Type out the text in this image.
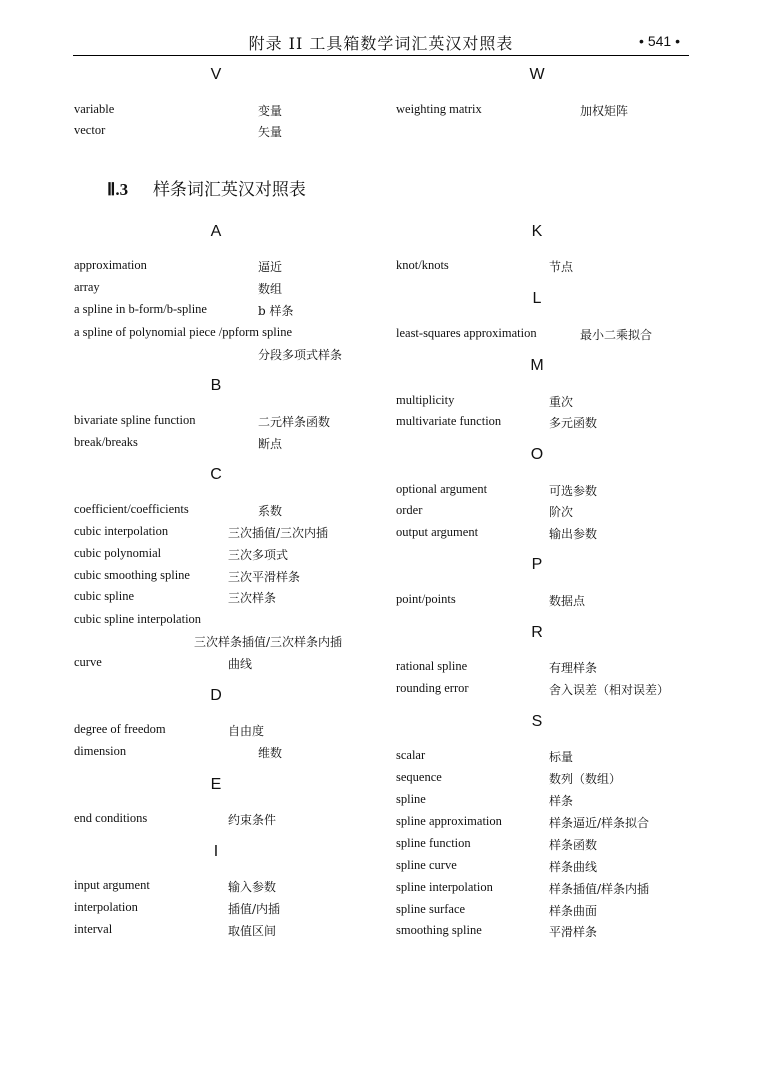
附录 II 工具箱数学词汇英汉对照表	• 541 •
V	W
A	K
L
M
B
O
C
P
R
D
S
E
I
Ⅱ.3 样条词汇英汉对照表
variable	变量
vector	矢量
weighting matrix	加权矩阵
approximation	逼近
array	数组
a spline in b-form/b-spline	b 样条
a spline of polynomial piece /ppform spline
分段多项式样条
bivariate spline function	二元样条函数
break/breaks	断点
coefficient/coefficients	系数
cubic interpolation	三次插值/三次内插
cubic polynomial	三次多项式
cubic smoothing spline	三次平滑样条
cubic spline	三次样条
cubic spline interpolation
三次样条插值/三次样条内插
curve	曲线
degree of freedom	自由度
dimension	维数
end conditions	约束条件
input argument	输入参数
interpolation	插值/内插
interval	取值区间
knot/knots	节点
least-squares approximation	最小二乘拟合
multiplicity	重次
multivariate function	多元函数
optional argument	可选参数
order	阶次
output argument	输出参数
point/points	数据点
rational spline	有理样条
rounding error	舍入误差（相对误差）
scalar	标量
sequence	数列（数组）
spline	样条
spline approximation	样条逼近/样条拟合
spline function	样条函数
spline curve	样条曲线
spline interpolation	样条插值/样条内插
spline surface	样条曲面
smoothing spline	平滑样条
